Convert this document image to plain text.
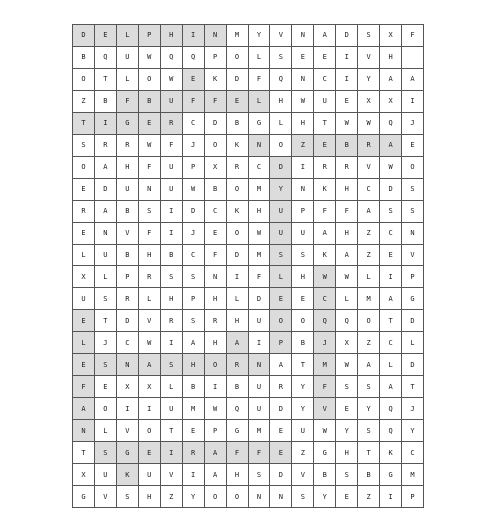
D	E	L	P	H	I	N	M	Y	V	N	A	D	S	X	F
B	Q	U	W	Q	Q	P	O	L	S	E	E	I	V	H	
O	T	L	O	W	E	K	D	F	Q	N	C	I	Y	A	A
Z	B	F	B	U	F	F	E	L	H	W	U	E	X	X	I
T	I	G	E	R	C	D	B	G	L	H	T	W	W	Q	J
S	R	R	W	F	J	O	K	N	O	Z	E	B	R	A	E
O	A	H	F	U	P	X	R	C	D	I	R	R	V	W	O
E	D	U	N	U	W	B	O	M	Y	N	K	H	C	D	S
R	A	B	S	I	D	C	K	H	U	P	F	F	A	S	S
E	N	V	F	I	J	E	O	W	U	U	A	H	Z	C	N
L	U	B	H	B	C	F	D	M	S	S	K	A	Z	E	V
X	L	P	R	S	S	N	I	F	L	H	W	W	L	I	P
U	S	R	L	H	P	H	L	D	E	E	C	L	M	A	G
E	T	D	V	R	S	R	H	U	O	O	Q	Q	O	T	D
L	J	C	W	I	A	H	A	I	P	B	J	X	Z	C	L
E	S	N	A	S	H	O	R	N	A	T	M	W	A	L	D
F	E	X	X	L	B	I	B	U	R	Y	F	S	S	A	T
A	O	I	I	U	M	W	Q	U	D	Y	V	E	Y	Q	J
N	L	V	O	T	E	P	G	M	E	U	W	Y	S	Q	Y
T	S	G	E	I	R	A	F	F	E	Z	G	H	T	K	C
X	U	K	U	V	I	A	H	S	D	V	B	S	B	G	M
G	V	S	H	Z	Y	O	O	N	N	S	Y	E	Z	I	P
